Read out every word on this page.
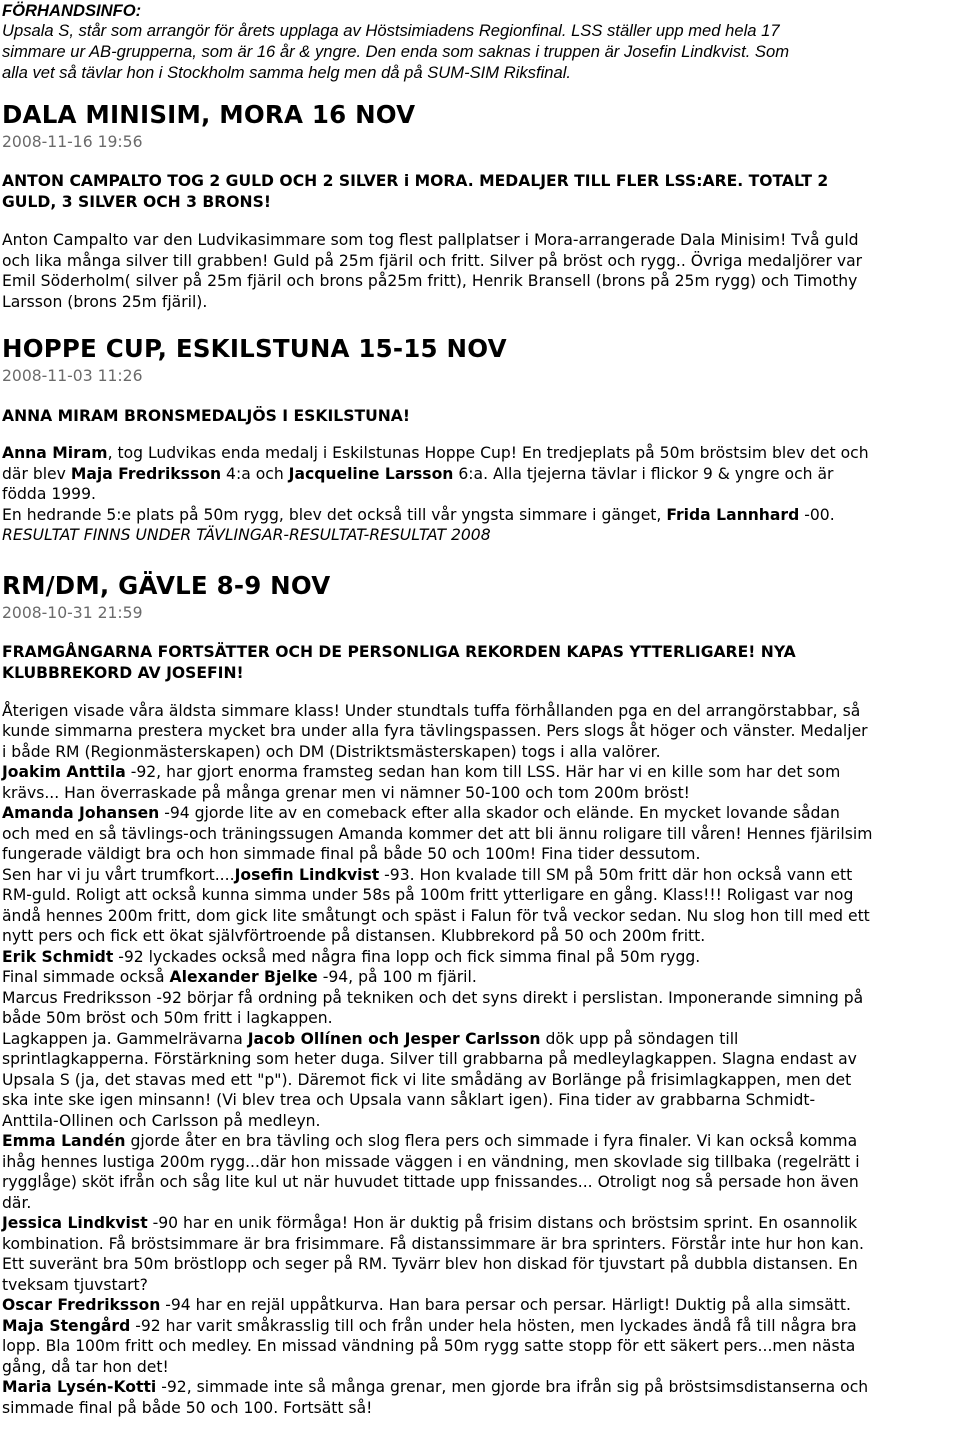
FÖRHANDSINFO:

Upsala S, står som arrangör för årets upplaga av Höstsimiadens Regionfinal. LSS ställer upp med hela 17

simmare ur AB-grupperna, som är 16 år & yngre. Den enda som saknas i truppen är Josefin Lindkvist. Som

alla vet så tävlar hon i Stockholm samma helg men då på SUM-SIM Riksfinal.

DALA MINISIM, MORA 16 NOV

2008-11-16 19:56

ANTON CAMPALTO TOG 2 GULD OCH 2 SILVER i MORA. MEDALJER TILL FLER LSS:ARE. TOTALT 2

GULD, 3 SILVER OCH 3 BRONS!

Anton Campalto var den Ludvikasimmare som tog flest pallplatser i Mora-arrangerade Dala Minisim! Två guld

och lika många silver till grabben! Guld på 25m fjäril och fritt. Silver på bröst och rygg.. Övriga medaljörer var

Emil Söderholm( silver på 25m fjäril och brons på25m fritt), Henrik Bransell (brons på 25m rygg) och Timothy

Larsson (brons 25m fjäril).

HOPPE CUP, ESKILSTUNA 15-15 NOV

2008-11-03 11:26

ANNA MIRAM BRONSMEDALJÖS I ESKILSTUNA!

Anna Miram, tog Ludvikas enda medalj i Eskilstunas Hoppe Cup! En tredjeplats på 50m bröstsim blev det och

där blev Maja Fredriksson 4:a och Jacqueline Larsson 6:a. Alla tjejerna tävlar i flickor 9 & yngre och är

födda 1999.

En hedrande 5:e plats på 50m rygg, blev det också till vår yngsta simmare i gänget, Frida Lannhard -00.

RESULTAT FINNS UNDER TÄVLINGAR-RESULTAT-RESULTAT 2008

RM/DM, GÄVLE 8-9 NOV

2008-10-31 21:59

FRAMGÅNGARNA FORTSÄTTER OCH DE PERSONLIGA REKORDEN KAPAS YTTERLIGARE! NYA

KLUBBREKORD AV JOSEFIN!

Återigen visade våra äldsta simmare klass! Under stundtals tuffa förhållanden pga en del arrangörstabbar, så

kunde simmarna prestera mycket bra under alla fyra tävlingspassen. Pers slogs åt höger och vänster. Medaljer

i både RM (Regionmästerskapen) och DM (Distriktsmästerskapen) togs i alla valörer.

Joakim Anttila -92, har gjort enorma framsteg sedan han kom till LSS. Här har vi en kille som har det som

krävs... Han överraskade på många grenar men vi nämner 50-100 och tom 200m bröst!

Amanda Johansen -94 gjorde lite av en comeback efter alla skador och elände. En mycket lovande sådan

och med en så tävlings-och träningssugen Amanda kommer det att bli ännu roligare till våren! Hennes fjärilsim

fungerade väldigt bra och hon simmade final på både 50 och 100m! Fina tider dessutom.

Sen har vi ju vårt trumfkort....Josefin Lindkvist -93. Hon kvalade till SM på 50m fritt där hon också vann ett

RM-guld. Roligt att också kunna simma under 58s på 100m fritt ytterligare en gång. Klass!!! Roligast var nog

ändå hennes 200m fritt, dom gick lite småtungt och späst i Falun för två veckor sedan. Nu slog hon till med ett

nytt pers och fick ett ökat självförtroende på distansen. Klubbrekord på 50 och 200m fritt.

Erik Schmidt -92 lyckades också med några fina lopp och fick simma final på 50m rygg.

Final simmade också Alexander Bjelke -94, på 100 m fjäril.

Marcus Fredriksson -92 börjar få ordning på tekniken och det syns direkt i perslistan. Imponerande simning på

både 50m bröst och 50m fritt i lagkappen.

Lagkappen ja. Gammelrävarna Jacob Ollínen och Jesper Carlsson dök upp på söndagen till

sprintlagkapperna. Förstärkning som heter duga. Silver till grabbarna på medleylagkappen. Slagna endast av

Upsala S (ja, det stavas med ett "p"). Däremot fick vi lite smådäng av Borlänge på frisimlagkappen, men det

ska inte ske igen minsann! (Vi blev trea och Upsala vann såklart igen). Fina tider av grabbarna Schmidt-

Anttila-Ollinen och Carlsson på medleyn.

Emma Landén gjorde åter en bra tävling och slog flera pers och simmade i fyra finaler. Vi kan också komma

ihåg hennes lustiga 200m rygg...där hon missade väggen i en vändning, men skovlade sig tillbaka (regelrätt i

rygglåge) sköt ifrån och såg lite kul ut när huvudet tittade upp fnissandes... Otroligt nog så persade hon även

där.

Jessica Lindkvist -90 har en unik förmåga! Hon är duktig på frisim distans och bröstsim sprint. En osannolik

kombination. Få bröstsimmare är bra frisimmare. Få distanssimmare är bra sprinters. Förstår inte hur hon kan.

Ett suveränt bra 50m bröstlopp och seger på RM. Tyvärr blev hon diskad för tjuvstart på dubbla distansen. En

tveksam tjuvstart?

Oscar Fredriksson -94 har en rejäl uppåtkurva. Han bara persar och persar. Härligt! Duktig på alla simsätt.

Maja Stengård -92 har varit småkrasslig till och från under hela hösten, men lyckades ändå få till några bra

lopp. Bla 100m fritt och medley. En missad vändning på 50m rygg satte stopp för ett säkert pers...men nästa

gång, då tar hon det!

Maria Lysén-Kotti -92, simmade inte så många grenar, men gjorde bra ifrån sig på bröstsimsdistanserna och

simmade final på både 50 och 100. Fortsätt så!
